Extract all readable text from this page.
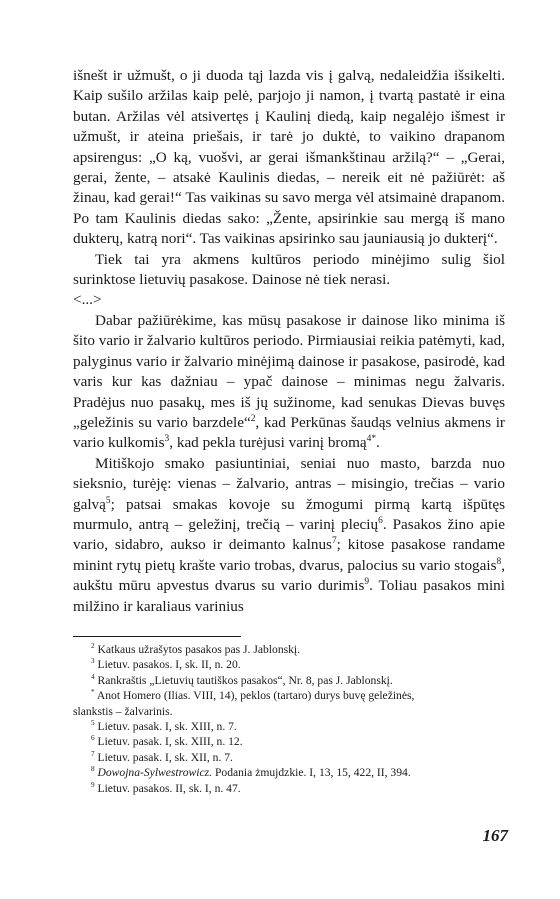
išnešt ir užmušt, o ji duoda tąj lazda vis į galvą, nedaleidžia išsikelti. Kaip sušilo aržilas kaip pelė, parjojo ji namon, į tvartą pastatė ir eina butan. Aržilas vėl atsivertęs į Kaulinį diedą, kaip negalėjo išmest ir užmušt, ir ateina priešais, ir tarė jo duktė, to vaikino drapanom apsirengus: „O ką, vuošvi, ar gerai išmankštinau aržilą?“ – „Gerai, gerai, žente, – atsakė Kaulinis diedas, – nereik eit nė pažiūrėt: aš žinau, kad gerai!“ Tas vaikinas su savo merga vėl atsimainė drapanom. Po tam Kaulinis diedas sako: „Žente, apsirinkie sau mergą iš mano dukterų, katrą nori“. Tas vaikinas apsirinko sau jauniausią jo dukterį“.

Tiek tai yra akmens kultūros periodo minėjimo sulig šiol surinktose lietuvių pasakose. Dainose nė tiek nerasi.

<...>

Dabar pažiūrėkime, kas mūsų pasakose ir dainose liko minima iš šito vario ir žalvario kultūros periodo. Pirmiausiai reikia patėmyti, kad, palyginus vario ir žalvario minėjimą dainose ir pasakose, pasirodė, kad varis kur kas dažniau – ypač dainose – minimas negu žalvaris. Pradėjus nuo pasakų, mes iš jų sužinome, kad senukas Dievas buvęs „geležinis su vario barzdele“$^2$, kad Perkūnas šaudąs velnius akmens ir vario kulkomis$^3$, kad pekla turėjusi varinį bromą$^{4*}$.

Mitiškojo smako pasiuntiniai, seniai nuo masto, barzda nuo sieksnio, turėję: vienas – žalvario, antras – misingio, trečias – vario galvą$^5$; patsai smakas kovoje su žmogumi pirmą kartą išpūtęs murmulo, antrą – geležinį, trečią – varinį plecių$^6$. Pasakos žino apie vario, sidabro, aukso ir deimanto kalnus$^7$; kitose pasakose randame minint rytų pietų krašte vario trobas, dvarus, palocius su vario stogais$^8$, aukštu mūru apvestus dvarus su vario durimis$^9$. Toliau pasakos mini milžino ir karaliaus varinius

$^2$ Katkaus užrašytos pasakos pas J. Jablonskį.
$^3$ Lietuv. pasakos. I, sk. II, n. 20.
$^4$ Rankraštis „Lietuvių tautiškos pasakos“, Nr. 8, pas J. Jablonskį.
* Anot Homero (Ilias. VIII, 14), peklos (tartaro) durys buvę geležinės,
slankstis – žalvarinis.
$^5$ Lietuv. pasak. I, sk. XIII, n. 7.
$^6$ Lietuv. pasak. I, sk. XIII, n. 12.
$^7$ Lietuv. pasak. I, sk. XII, n. 7.
$^8$ Dowojna-Sylwestrowicz. Podania żmujdzkie. I, 13, 15, 422, II, 394.
$^9$ Lietuv. pasakos. II, sk. I, n. 47.
167
